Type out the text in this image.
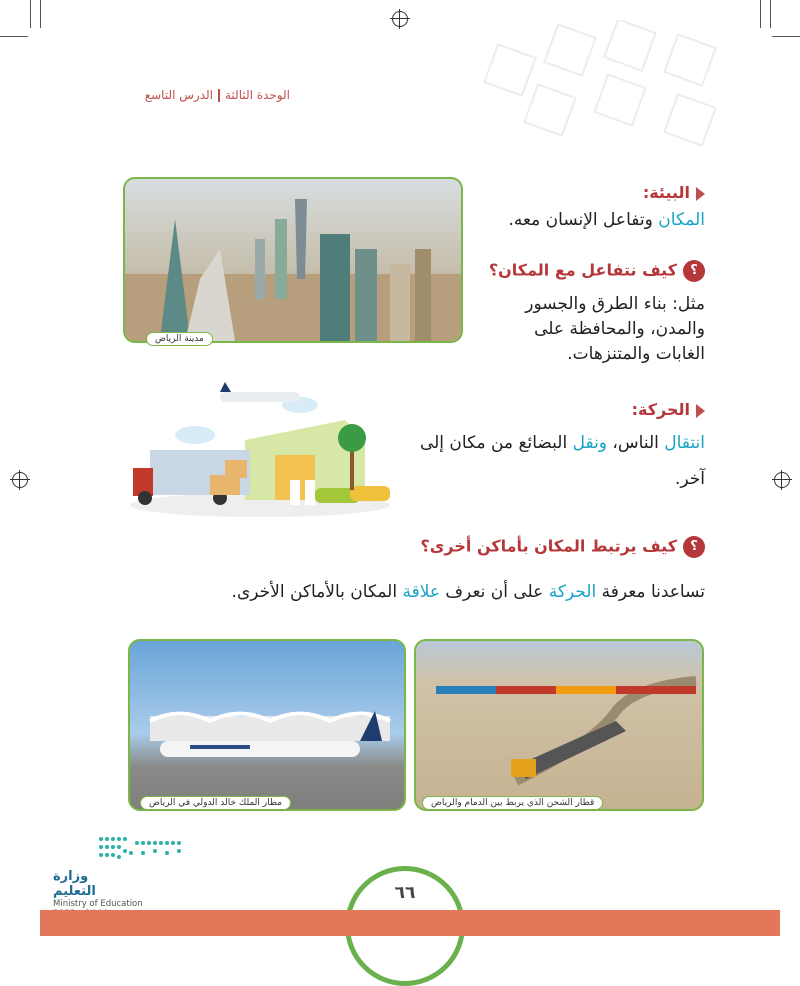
الوحدة الثالثةالدرس التاسع
مدينة الرياض
البيئة:
المكان وتفاعل الإنسان معه.
؟كيف نتفاعل مع المكان؟
مثل: بناء الطرق والجسور والمدن، والمحافظة على الغابات والمتنزهات.
الحركة:
انتقال الناس، ونقل البضائع من مكان إلى آخر.
؟كيف يرتبط المكان بأماكن أخرى؟
تساعدنا معرفة الحركة على أن نعرف علاقة المكان بالأماكن الأخرى.
مطار الملك خالد الدولي في الرياض	قطار الشحن الذي يربط بين الدمام والرياض
وزارة التعليم
Ministry of Education
٦٦
